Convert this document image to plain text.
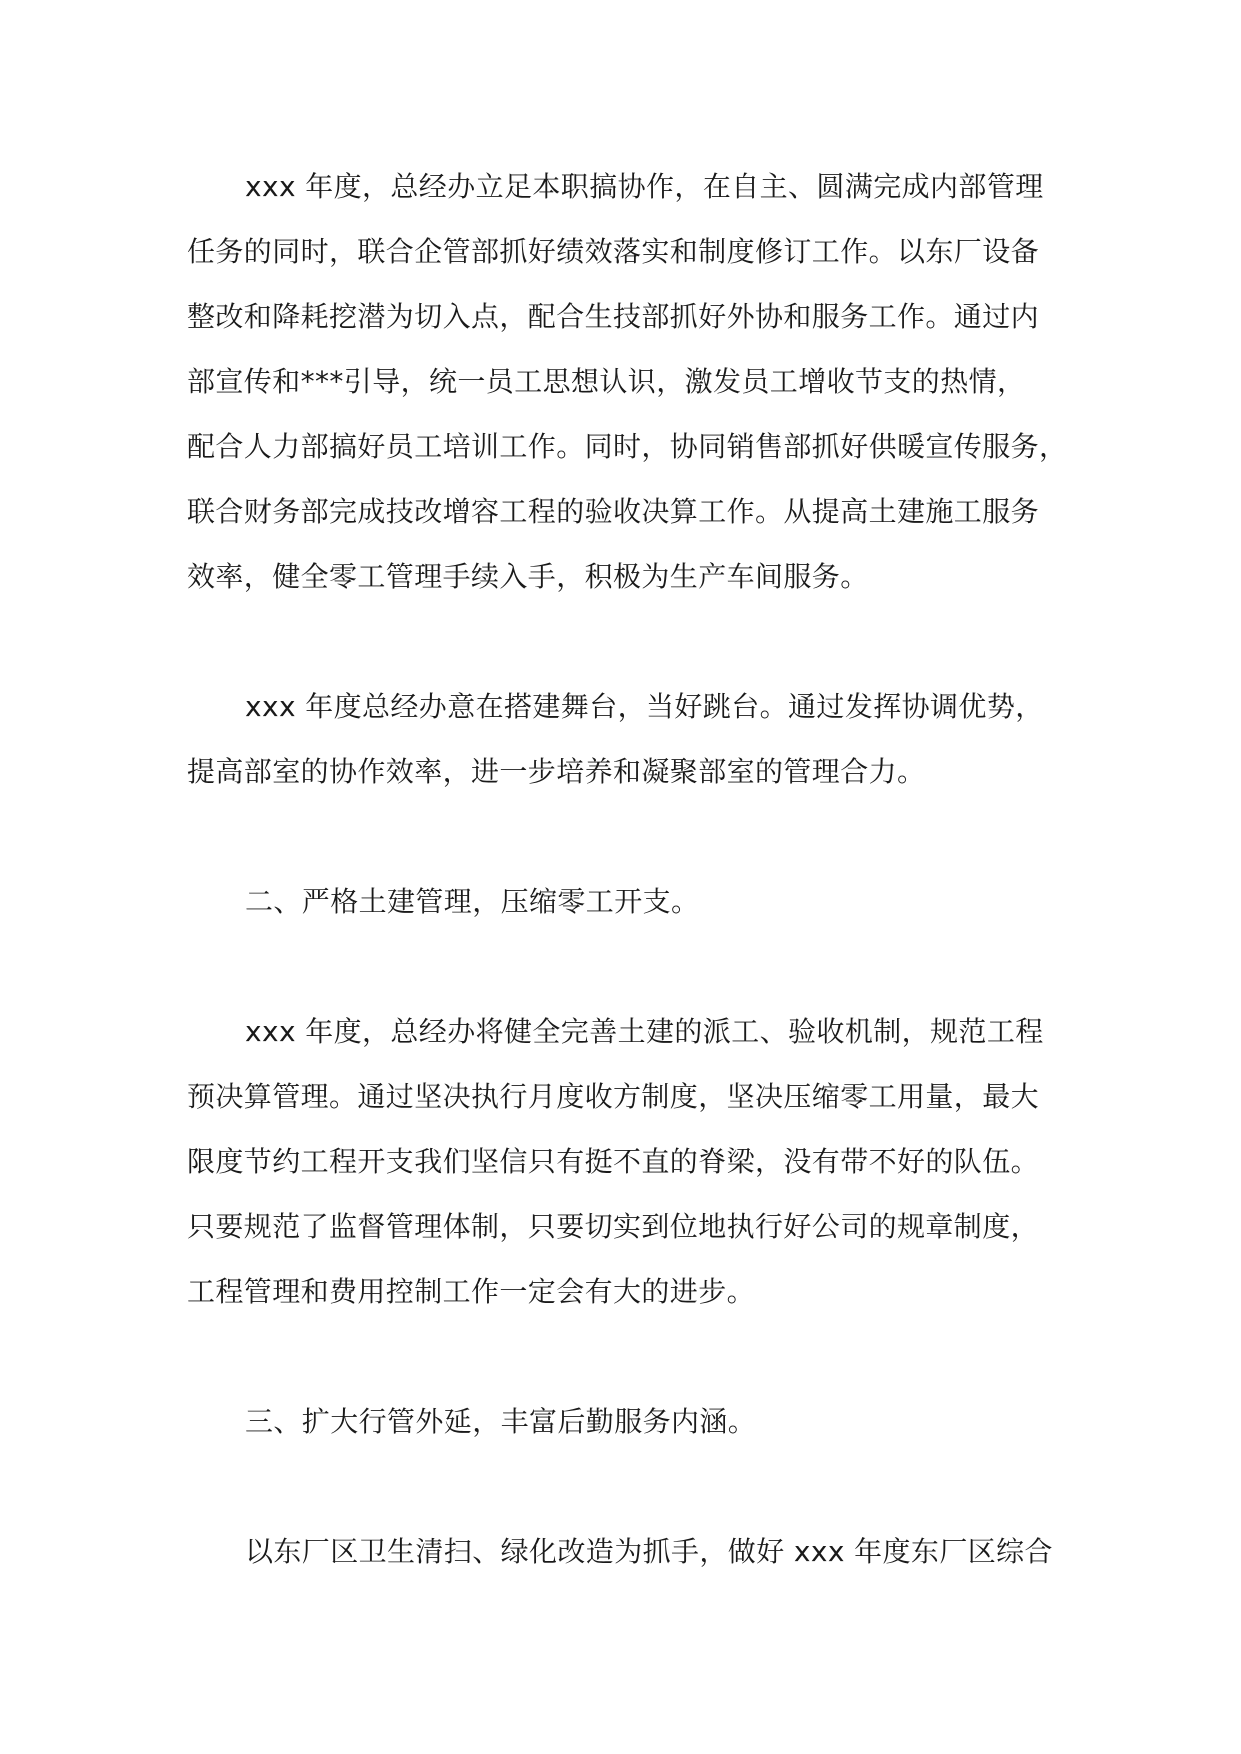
xxx 年度，总经办立足本职搞协作，在自主、圆满完成内部管理
任务的同时，联合企管部抓好绩效落实和制度修订工作。以东厂设备
整改和降耗挖潜为切入点，配合生技部抓好外协和服务工作。通过内
部宣传和***引导，统一员工思想认识，激发员工增收节支的热情，
配合人力部搞好员工培训工作。同时，协同销售部抓好供暖宣传服务，
联合财务部完成技改增容工程的验收决算工作。从提高土建施工服务
效率，健全零工管理手续入手，积极为生产车间服务。

xxx 年度总经办意在搭建舞台，当好跳台。通过发挥协调优势，
提高部室的协作效率，进一步培养和凝聚部室的管理合力。

二、严格土建管理，压缩零工开支。

xxx 年度，总经办将健全完善土建的派工、验收机制，规范工程
预决算管理。通过坚决执行月度收方制度，坚决压缩零工用量，最大
限度节约工程开支我们坚信只有挺不直的脊梁，没有带不好的队伍。
只要规范了监督管理体制，只要切实到位地执行好公司的规章制度，
工程管理和费用控制工作一定会有大的进步。

三、扩大行管外延，丰富后勤服务内涵。

以东厂区卫生清扫、绿化改造为抓手，做好 xxx 年度东厂区综合
